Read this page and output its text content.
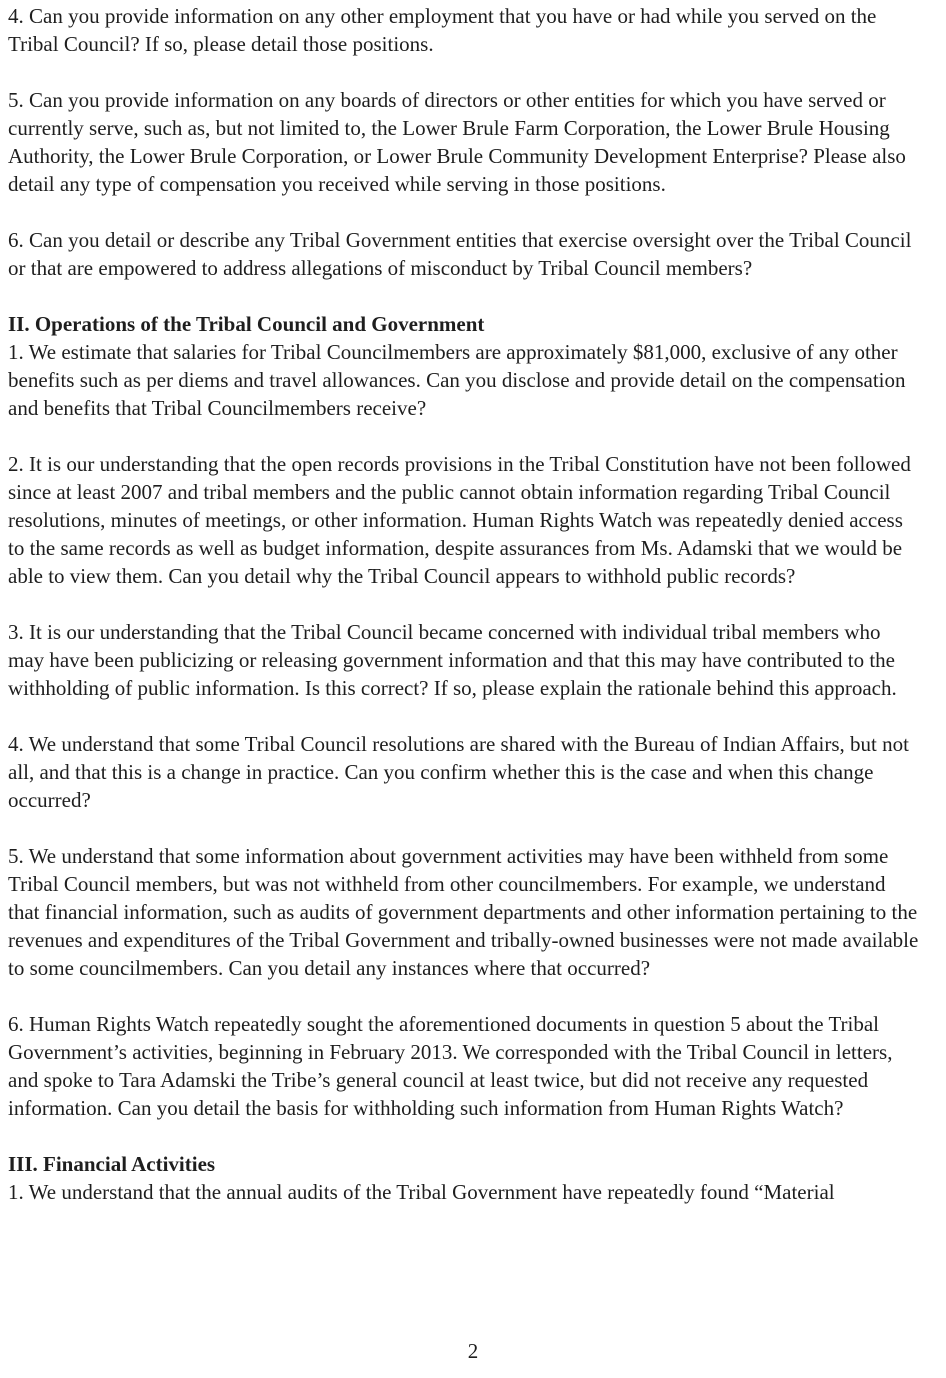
4. Can you provide information on any other employment that you have or had while you served on the Tribal Council? If so, please detail those positions.

5. Can you provide information on any boards of directors or other entities for which you have served or currently serve, such as, but not limited to, the Lower Brule Farm Corporation, the Lower Brule Housing Authority, the Lower Brule Corporation, or Lower Brule Community Development Enterprise? Please also detail any type of compensation you received while serving in those positions.

6. Can you detail or describe any Tribal Government entities that exercise oversight over the Tribal Council or that are empowered to address allegations of misconduct by Tribal Council members?

II. Operations of the Tribal Council and Government

1. We estimate that salaries for Tribal Councilmembers are approximately $81,000, exclusive of any other benefits such as per diems and travel allowances. Can you disclose and provide detail on the compensation and benefits that Tribal Councilmembers receive?

2. It is our understanding that the open records provisions in the Tribal Constitution have not been followed since at least 2007 and tribal members and the public cannot obtain information regarding Tribal Council resolutions, minutes of meetings, or other information. Human Rights Watch was repeatedly denied access to the same records as well as budget information, despite assurances from Ms. Adamski that we would be able to view them. Can you detail why the Tribal Council appears to withhold public records?

3. It is our understanding that the Tribal Council became concerned with individual tribal members who may have been publicizing or releasing government information and that this may have contributed to the withholding of public information. Is this correct? If so, please explain the rationale behind this approach.

4. We understand that some Tribal Council resolutions are shared with the Bureau of Indian Affairs, but not all, and that this is a change in practice. Can you confirm whether this is the case and when this change occurred?

5. We understand that some information about government activities may have been withheld from some Tribal Council members, but was not withheld from other councilmembers. For example, we understand that financial information, such as audits of government departments and other information pertaining to the revenues and expenditures of the Tribal Government and tribally-owned businesses were not made available to some councilmembers. Can you detail any instances where that occurred?

6. Human Rights Watch repeatedly sought the aforementioned documents in question 5 about the Tribal Government’s activities, beginning in February 2013. We corresponded with the Tribal Council in letters, and spoke to Tara Adamski the Tribe’s general council at least twice, but did not receive any requested information. Can you detail the basis for withholding such information from Human Rights Watch?

III. Financial Activities

1. We understand that the annual audits of the Tribal Government have repeatedly found “Material

2
